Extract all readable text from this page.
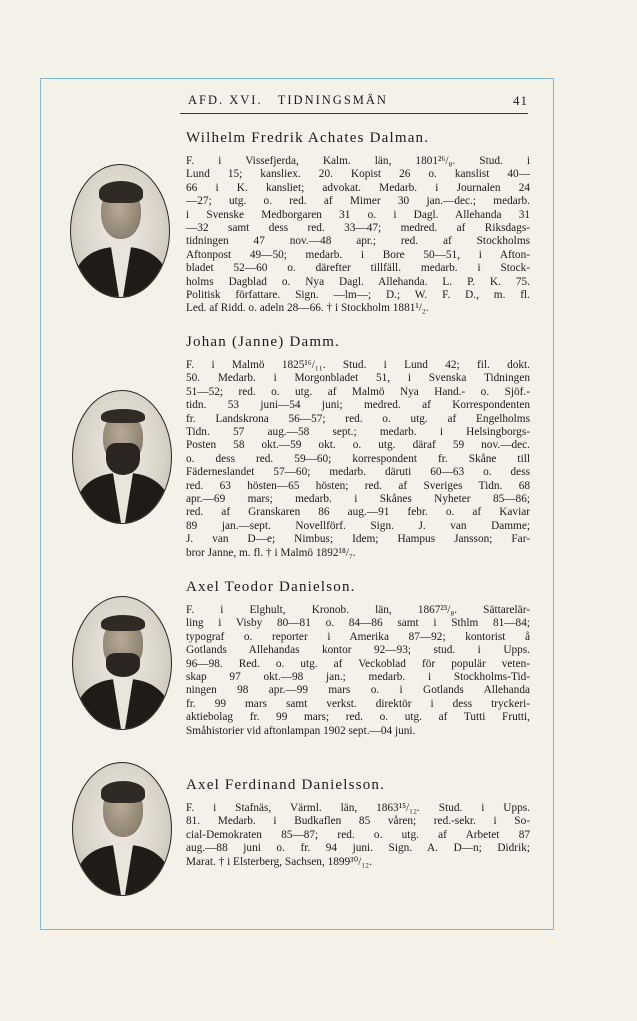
AFD. XVI.   TIDNINGSMÄN	41

Wilhelm Fredrik Achates Dalman.

F. i Vissefjerda, Kalm. län, 1801²⁶/₈. Stud. i
Lund 15; kansliex. 20. Kopist 26 o. kanslist 40—
66 i K. kansliet; advokat. Medarb. i Journalen 24
—27; utg. o. red. af Mimer 30 jan.—dec.; medarb.
i Svenske Medborgaren 31 o. i Dagl. Allehanda 31
—32 samt dess red. 33—47; medred. af Riksdags-
tidningen 47 nov.—48 apr.; red. af Stockholms
Aftonpost 49—50; medarb. i Bore 50—51, i Afton-
bladet 52—60 o. därefter tillfäll. medarb. i Stock-
holms Dagblad o. Nya Dagl. Allehanda. L. P. K. 75.
Politisk författare. Sign. —lm—; D.; W. F. D., m. fl.
Led. af Ridd. o. adeln 28—66. † i Stockholm 1881¹/₂.

Johan (Janne) Damm.

F. i Malmö 1825¹⁶/₁₁. Stud. i Lund 42; fil. dokt.
50. Medarb. i Morgonbladet 51, i Svenska Tidningen
51—52; red. o. utg. af Malmö Nya Hand.- o. Sjöf.-
tidn. 53 juni—54 juni; medred. af Korrespondenten
fr. Landskrona 56—57; red. o. utg. af Engelholms
Tidn. 57 aug.—58 sept.; medarb. i Helsingborgs-
Posten 58 okt.—59 okt. o. utg. däraf 59 nov.—dec.
o. dess red. 59—60; korrespondent fr. Skåne till
Fäderneslandet 57—60; medarb. däruti 60—63 o. dess
red. 63 hösten—65 hösten; red. af Sveriges Tidn. 68
apr.—69 mars; medarb. i Skånes Nyheter 85—86;
red. af Granskaren 86 aug.—91 febr. o. af Kaviar
89 jan.—sept. Novellförf. Sign. J. van Damme;
J. van D—e; Nimbus; Idem; Hampus Jansson; Far-
bror Janne, m. fl. † i Malmö 1892¹⁸/₇.

Axel Teodor Danielson.

F. i Elghult, Kronob. län, 1867²³/₈. Sättarelär-
ling i Visby 80—81 o. 84—86 samt i Sthlm 81—84;
typograf o. reporter i Amerika 87—92; kontorist å
Gotlands Allehandas kontor 92—93; stud. i Upps.
96—98. Red. o. utg. af Veckoblad för populär veten-
skap 97 okt.—98 jan.; medarb. i Stockholms-Tid-
ningen 98 apr.—99 mars o. i Gotlands Allehanda
fr. 99 mars samt verkst. direktör i dess tryckeri-
aktiebolag fr. 99 mars; red. o. utg. af Tutti Frutti,
Småhistorier vid aftonlampan 1902 sept.—04 juni.

Axel Ferdinand Danielsson.

F. i Stafnäs, Värml. län, 1863¹⁵/₁₂. Stud. i Upps.
81. Medarb. i Budkaflen 85 våren; red.-sekr. i So-
cial-Demokraten 85—87; red. o. utg. af Arbetet 87
aug.—88 juni o. fr. 94 juni. Sign. A. D—n; Didrik;
Marat. † i Elsterberg, Sachsen, 1899³⁰/₁₂.
